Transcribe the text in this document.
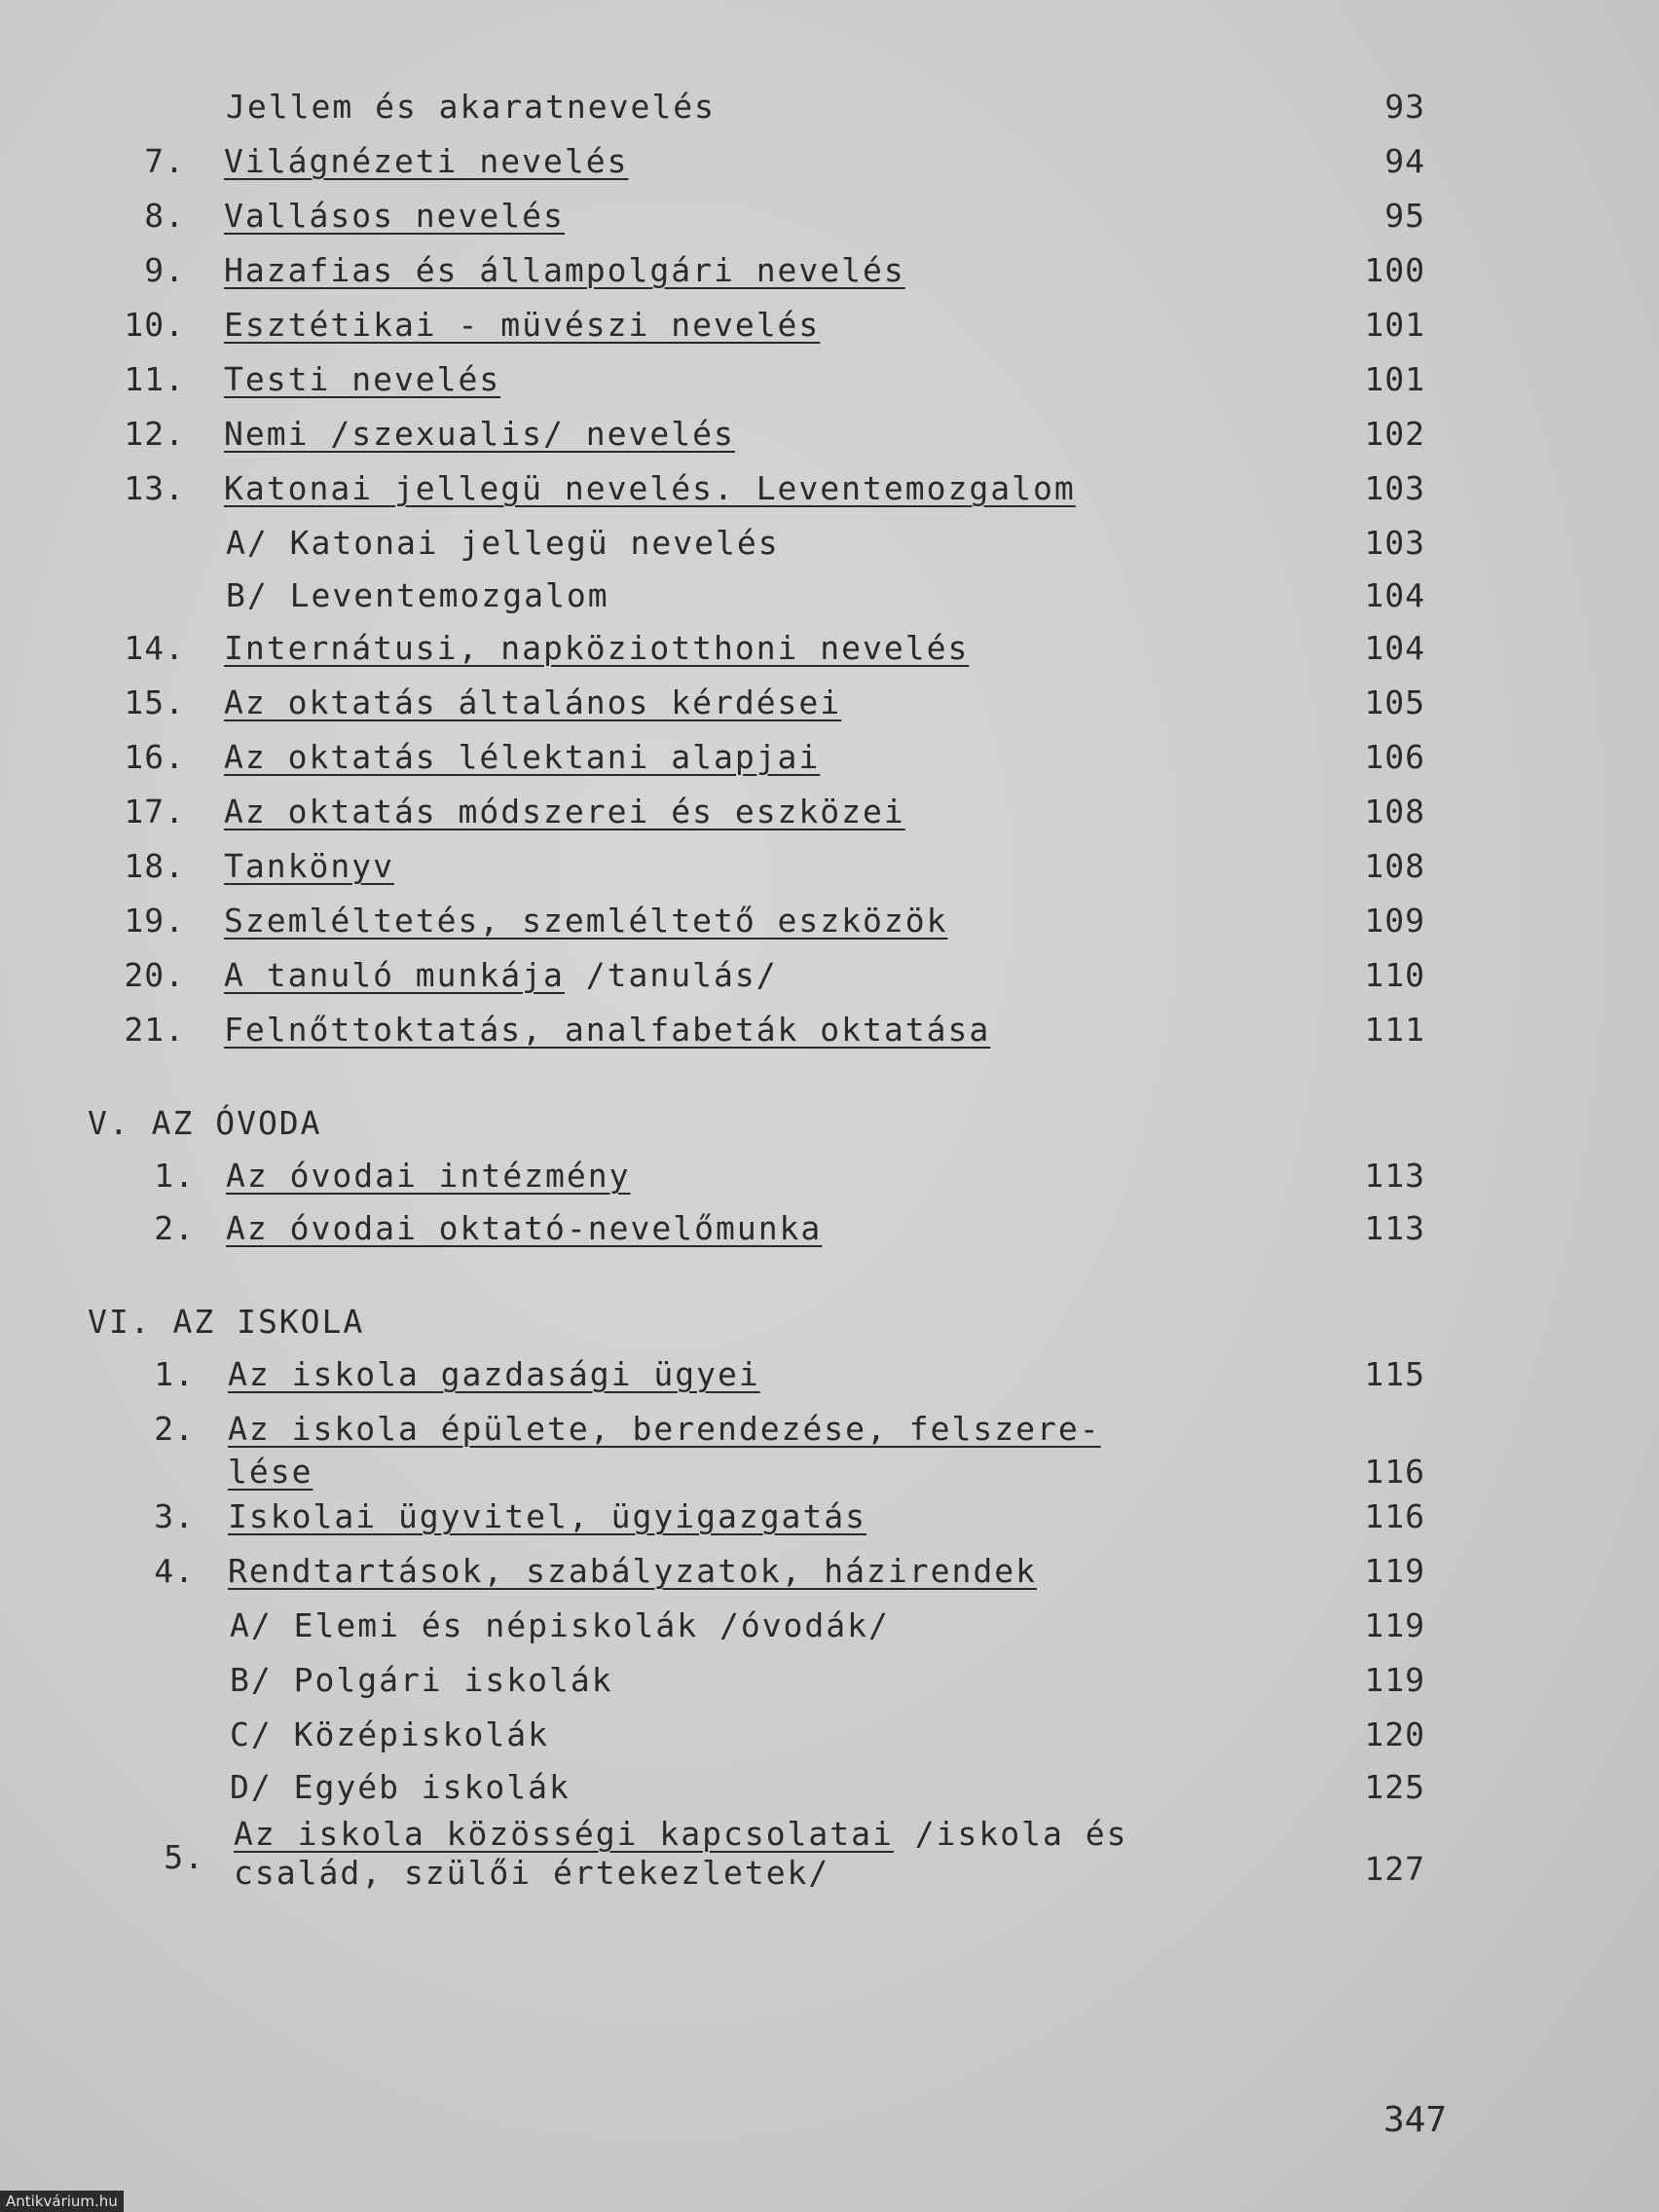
Jellem és akaratnevelés	93
7. Világnézeti nevelés	94
8. Vallásos nevelés	95
9. Hazafias és állampolgári nevelés	100
10. Esztétikai - müvészi nevelés	101
11. Testi nevelés	101
12. Nemi /szexualis/ nevelés	102
13. Katonai jellegü nevelés. Leventemozgalom	103
A/ Katonai jellegü nevelés	103
B/ Leventemozgalom	104
14. Internátusi, napköziotthoni nevelés	104
15. Az oktatás általános kérdései	105
16. Az oktatás lélektani alapjai	106
17. Az oktatás módszerei és eszközei	108
18. Tankönyv	108
19. Szemléltetés, szemléltető eszközök	109
20. A tanuló munkája /tanulás/	110
21. Felnőttoktatás, analfabeták oktatása	111
V. AZ ÓVODA
1. Az óvodai intézmény	113
2. Az óvodai oktató-nevelőmunka	113
VI. AZ ISKOLA
1. Az iskola gazdasági ügyei	115
2. Az iskola épülete, berendezése, felszere-
lése	116
3. Iskolai ügyvitel, ügyigazgatás	116
4. Rendtartások, szabályzatok, házirendek	119
A/ Elemi és népiskolák /óvodák/	119
B/ Polgári iskolák	119
C/ Középiskolák	120
D/ Egyéb iskolák	125
5.
Az iskola közösségi kapcsolatai /iskola és
család, szülői értekezletek/	127
347
Antikvárium.hu
